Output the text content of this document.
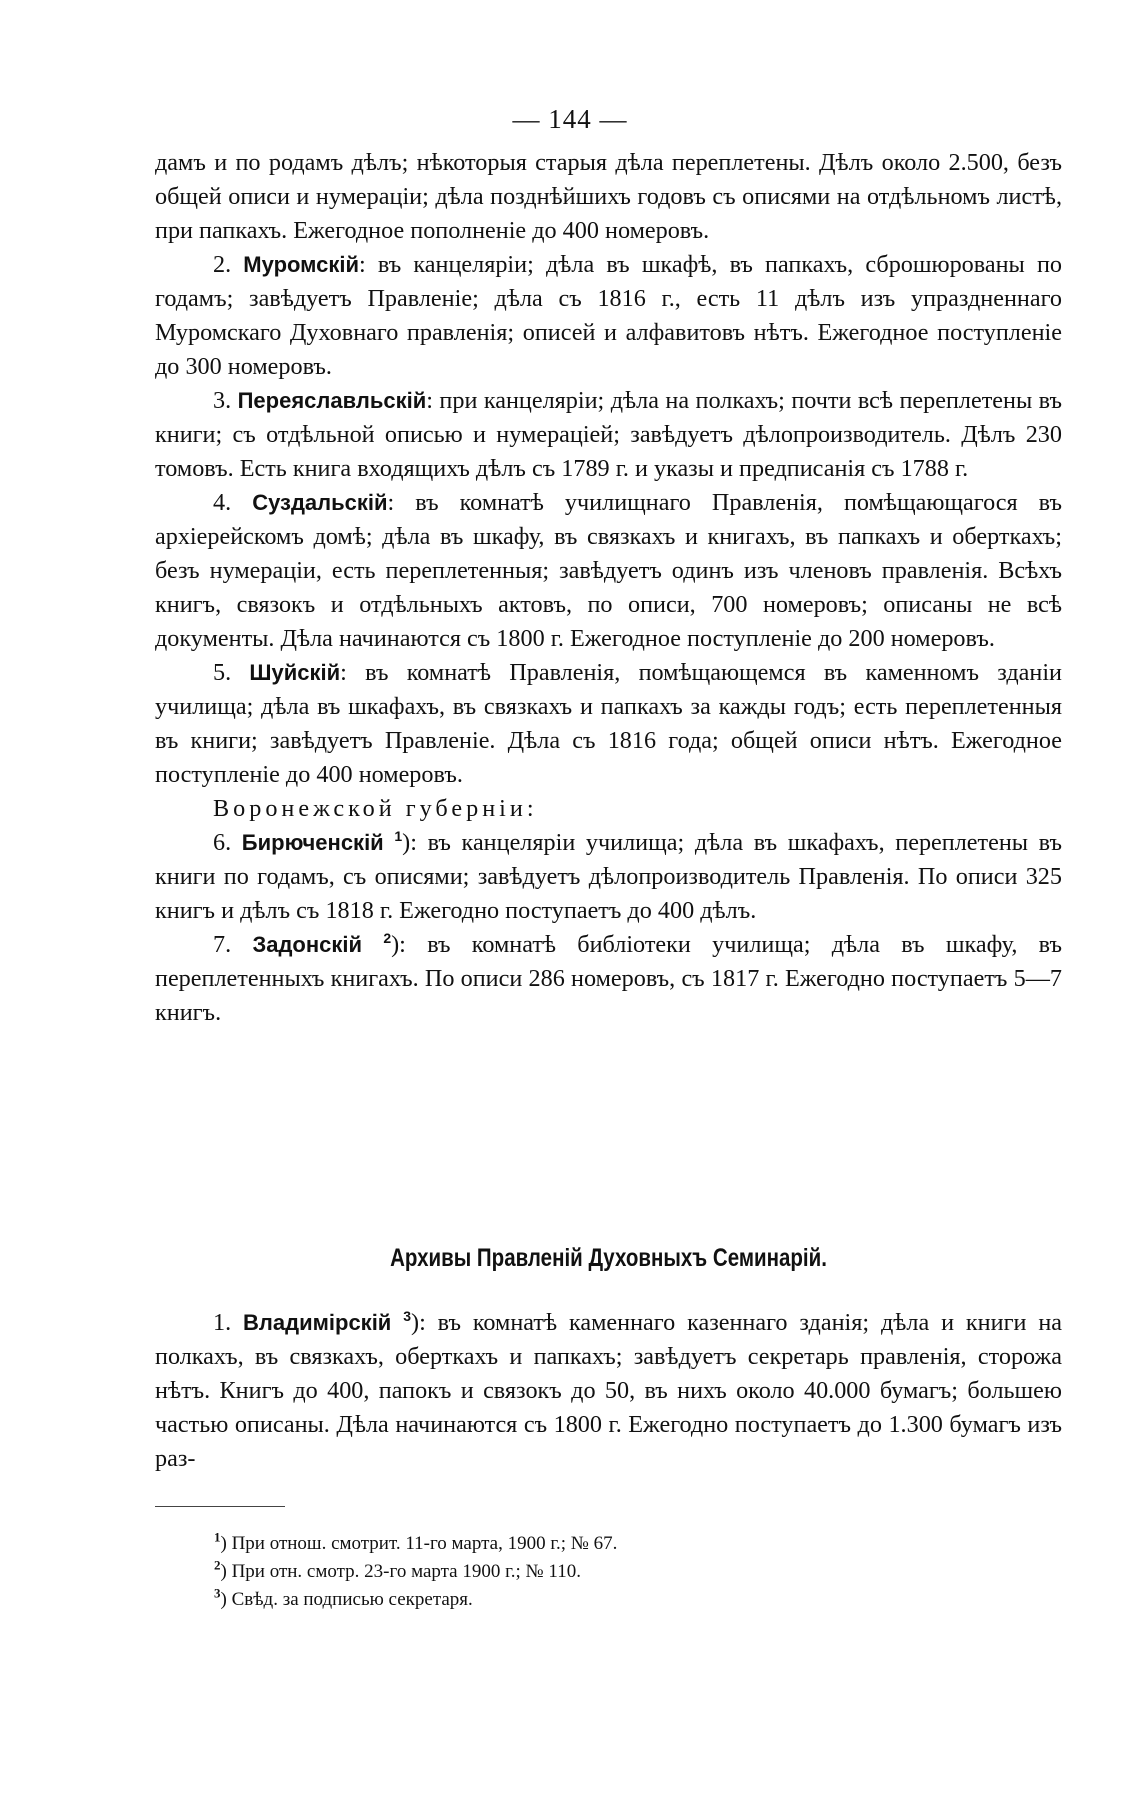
— 144 —

дамъ и по родамъ дѣлъ; нѣкоторыя старыя дѣла переплетены. Дѣлъ около 2.500, безъ общей описи и нумераціи; дѣла позднѣйшихъ годовъ съ описями на отдѣльномъ листѣ, при папкахъ. Ежегодное пополненіе до 400 номеровъ.

2. Муромскій: въ канцеляріи; дѣла въ шкафѣ, въ папкахъ, сброшюрованы по годамъ; завѣдуетъ Правленіе; дѣла съ 1816 г., есть 11 дѣлъ изъ упраздненнаго Муромскаго Духовнаго правленія; описей и алфавитовъ нѣтъ. Ежегодное поступленіе до 300 номеровъ.

3. Переяславльскій: при канцеляріи; дѣла на полкахъ; почти всѣ переплетены въ книги; съ отдѣльной описью и нумераціей; завѣдуетъ дѣлопроизводитель. Дѣлъ 230 томовъ. Есть книга входящихъ дѣлъ съ 1789 г. и указы и предписанія съ 1788 г.

4. Суздальскій: въ комнатѣ училищнаго Правленія, помѣщающагося въ архіерейскомъ домѣ; дѣла въ шкафу, въ связкахъ и книгахъ, въ папкахъ и оберткахъ; безъ нумераціи, есть переплетенныя; завѣдуетъ одинъ изъ членовъ правленія. Всѣхъ книгъ, связокъ и отдѣльныхъ актовъ, по описи, 700 номеровъ; описаны не всѣ документы. Дѣла начинаются съ 1800 г. Ежегодное поступленіе до 200 номеровъ.

5. Шуйскій: въ комнатѣ Правленія, помѣщающемся въ каменномъ зданіи училища; дѣла въ шкафахъ, въ связкахъ и папкахъ за кажды годъ; есть переплетенныя въ книги; завѣдуетъ Правленіе. Дѣла съ 1816 года; общей описи нѣтъ. Ежегодное поступленіе до 400 номеровъ.

Воронежской губерніи:

6. Бирюченскій $^1$): въ канцеляріи училища; дѣла въ шкафахъ, переплетены въ книги по годамъ, съ описями; завѣдуетъ дѣлопроизводитель Правленія. По описи 325 книгъ и дѣлъ съ 1818 г. Ежегодно поступаетъ до 400 дѣлъ.

7. Задонскій $^2$): въ комнатѣ библіотеки училища; дѣла въ шкафу, въ переплетенныхъ книгахъ. По описи 286 номеровъ, съ 1817 г. Ежегодно поступаетъ 5—7 книгъ.

Архивы Правленій Духовныхъ Семинарій.

1. Владимірскій $^3$): въ комнатѣ каменнаго казеннаго зданія; дѣла и книги на полкахъ, въ связкахъ, оберткахъ и папкахъ; завѣдуетъ секретарь правленія, сторожа нѣтъ. Книгъ до 400, папокъ и связокъ до 50, въ нихъ около 40.000 бумагъ; большею частью описаны. Дѣла начинаются съ 1800 г. Ежегодно поступаетъ до 1.300 бумагъ изъ раз-

$^1$) При отнош. смотрит. 11-го марта, 1900 г.; № 67.
$^2$) При отн. смотр. 23-го марта 1900 г.; № 110.
$^3$) Свѣд. за подписью секретаря.
